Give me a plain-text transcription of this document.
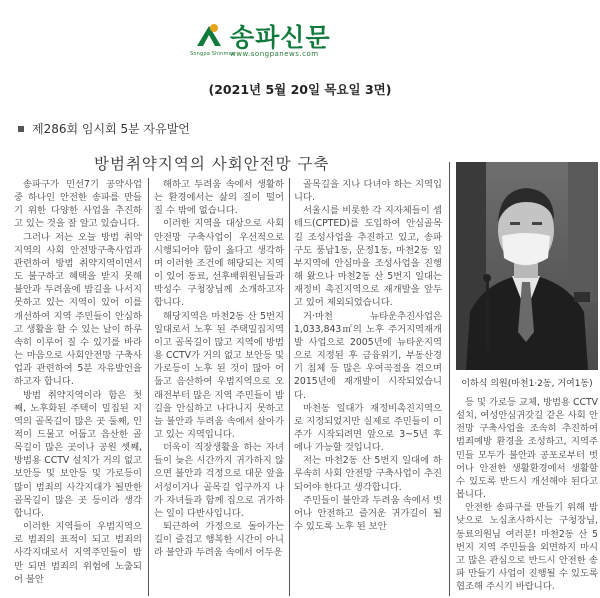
Songpa Shinmun
송파신문
www.songpanews.com
(2021년 5월 20일 목요일 3면)
제286회 임시회 5분 자유발언
방범취약지역의 사회안전망 구축

송파구가 민선7기 공약사업 중 하나인 안전한 송파를 만들기 위한 다양한 사업을 추진하고 있는 것을 잘 알고 있습니다.

그러나 저는 오늘 방범 취약지역의 사회 안전망구축사업과 관련하여 방범 취약지역이면서도 불구하고 혜택을 받지 못해 불안과 두려움에 밤길을 나서지 못하고 있는 지역이 있어 이를 개선하여 지역 주민들이 안심하고 생활을 할 수 있는 날이 하루 속히 이루어 질 수 있기를 바라는 마음으로 사회안전망 구축사업과 관련하여 5분 자유발언을 하고자 합니다.

방범 취약지역이라 함은 첫째, 노후화된 주택이 밀집된 지역의 골목길이 많은 곳 둘째, 인적이 드물고 어둡고 음산한 골목길이 많은 곳이나 공원 셋째, 방범용 CCTV 설치가 거의 없고 보안등 및 보안등 및 가로등이 많이 범죄의 사각지대가 될만한 골목길이 많은 곳 등이라 생각합니다.

이러한 지역들이 우범지역으로 범죄의 표적이 되고 범죄의 사각지대로서 지역주민들이 밤만 되면 범죄의 위험에 노출되어 불안

해하고 두려움 속에서 생활하는 환경에서는 삶의 질이 떨어 질 수 밖에 없습니다.

이러한 지역을 대상으로 사회 안전망 구축사업이 우선적으로 시행되어야 함이 옳다고 생각하며 이러한 조건에 해당되는 지역이 있어 동료, 선후배위원님들과 박성수 구청장님께 소개하고자 합니다.

해당지역은 마천2동 산 5번지 일대로서 노후 된 주택밀집지역이고 골목길이 많고 지역에 방범용 CCTV가 거의 없고 보안등 및 가로등이 노후 된 것이 많아 어둡고 음산하여 우범지역으로 오래전부터 많은 지역 주민들이 밤길을 안심하고 나다니지 못하고 늘 불안과 두려움 속에서 살아가고 있는 지역입니다.

더욱이 직장생활을 하는 자녀들이 늦은 시간까지 귀가하지 않으면 불안과 걱정으로 대문 앞을 서성이거나 골목길 입구까지 나가 자녀들과 함께 집으로 귀가하는 일이 다반사입니다.

퇴근하여 가정으로 돌아가는 길이 즐겁고 행복한 시간이 아니라 불안과 두려움 속에서 어두운

골목길을 지나 다녀야 하는 지역입니다.

서울시를 비롯한 각 지자체들이 셉테드(CPTED)를 도입하여 안심골목길 조성사업을 추진하고 있고, 송파구도 풍납1동, 문정1동, 마천2동 일부지역에 안심마을 조성사업을 진행해 왔으나 마천2동 산 5번지 일대는 재정비 촉진지역으로 재개발을 앞두고 있어 제외되었습니다.

거·마천 뉴타운추진사업은 1,033,843㎡의 노후 주거지역재개발 사업으로 2005년에 뉴타운지역으로 지정된 후 금융위기, 부동산경기 침체 등 많은 우여곡절을 겪으며 2015년에 재개발이 시작되었습니다.

마천동 일대가 재정비촉진지역으로 지정되었지만 실제로 주민들이 이주가 시작되려면 앞으로 3~5년 후에나 가능할 것입니다.

저는 마천2동 산 5번지 일대에 하루속히 사회 안전망 구축사업이 추진되어야 한다고 생각합니다.

주민들이 불안과 두려움 속에서 벗어나 안전하고 즐거운 귀가길이 될 수 있도록 노후 된 보안

이하식 의원(마천1·2동, 거여1동)

등 및 가로등 교체, 방범용 CCTV 설치, 여성안심귀갓길 같은 사회 안전망 구축사업을 조속히 추진하여 범죄예방 환경을 조성하고, 지역주민들 모두가 불안과 공포로부터 벗어나 안전한 생활환경에서 생활할 수 있도록 반드시 개선해야 된다고 봅니다.

안전한 송파구를 만들기 위해 밤낮으로 노심초사하시는 구청장님, 동료의원님 여러분! 마천2동 산 5번지 지역 주민들을 외면하지 마시고 많은 관심으로 반드시 안전한 송파 만들기 사업이 진행될 수 있도록 협조해 주시기 바랍니다.
